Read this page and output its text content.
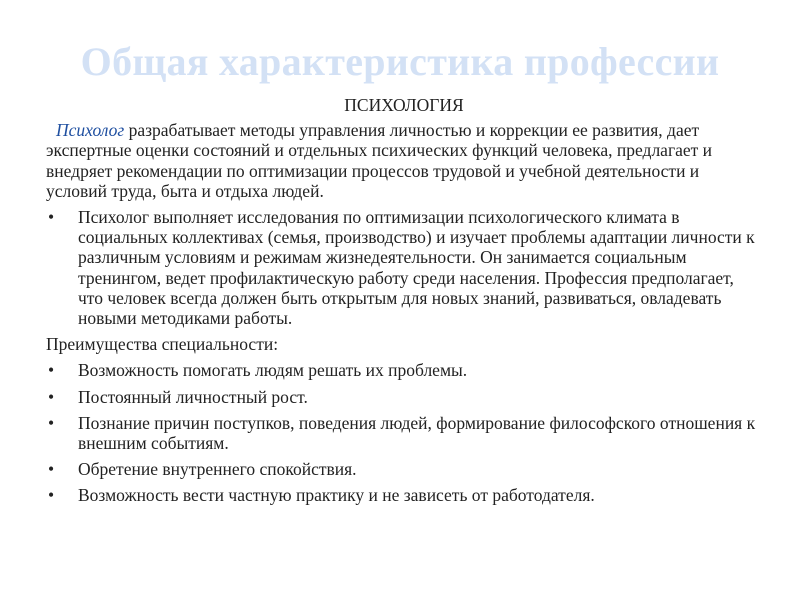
Общая характеристика профессии
ПСИХОЛОГИЯ

Психолог разрабатывает методы управления личностью и коррекции ее развития, дает экспертные оценки состояний и отдельных психических функций человека, предлагает и внедряет рекомендации по оптимизации процессов трудовой и учебной деятельности и условий труда, быта и отдыха людей.

• Психолог выполняет исследования по оптимизации психологического климата в социальных коллективах (семья, производство) и изучает проблемы адаптации личности к различным условиям и режимам жизнедеятельности. Он занимается социальным тренингом, ведет профилактическую работу среди населения. Профессия предполагает, что человек всегда должен быть открытым для новых знаний, развиваться, овладевать новыми методиками работы.

Преимущества специальности:

• Возможность помогать людям решать их проблемы.
• Постоянный личностный рост.
• Познание причин поступков, поведения людей, формирование философского отношения к внешним событиям.
• Обретение внутреннего спокойствия.
• Возможность вести частную практику и не зависеть от работодателя.
